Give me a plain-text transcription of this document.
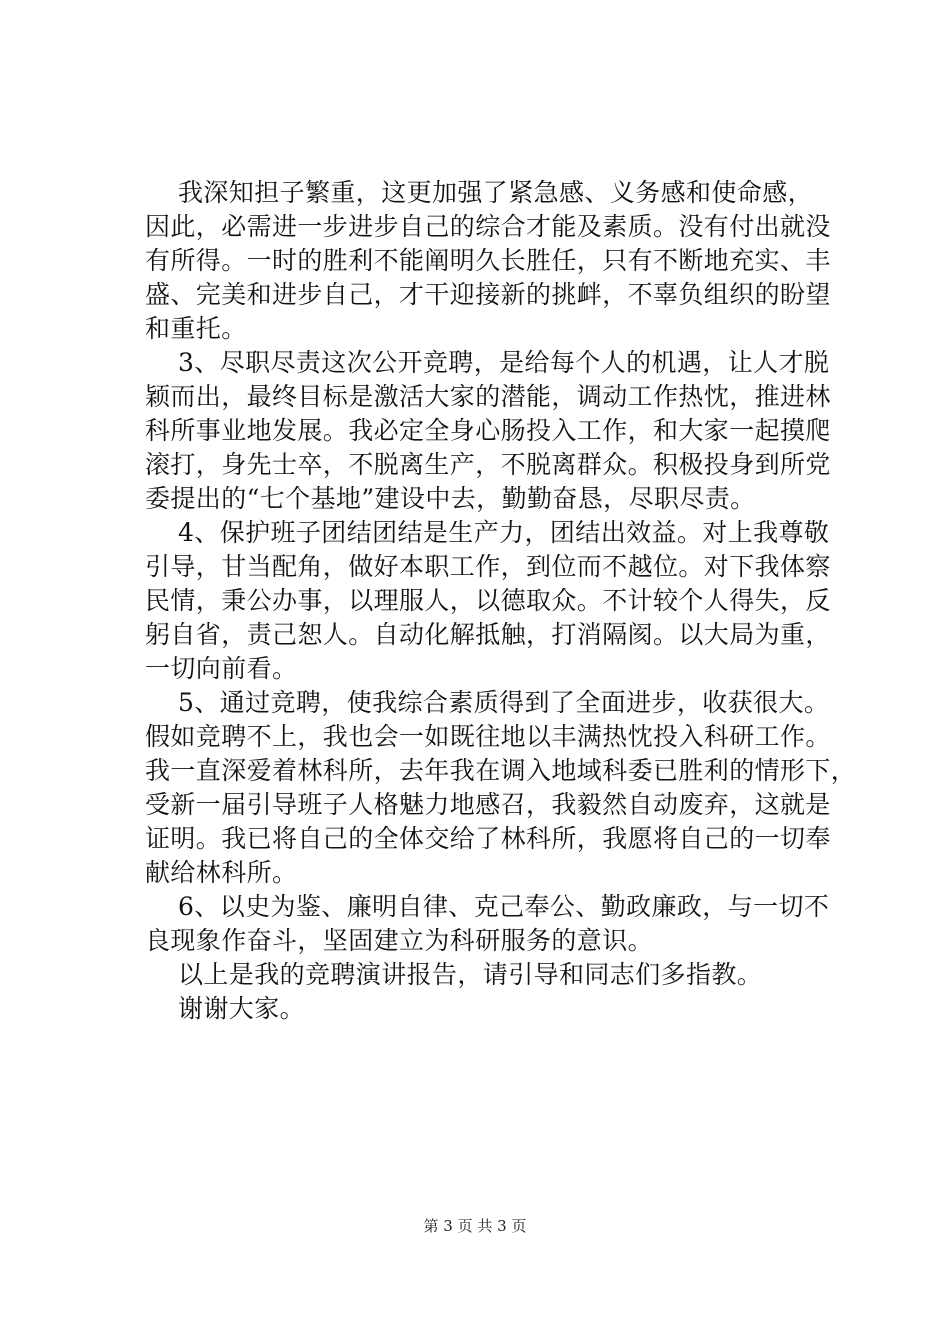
我深知担子繁重，这更加强了紧急感、义务感和使命感，
因此，必需进一步进步自己的综合才能及素质。没有付出就没
有所得。一时的胜利不能阐明久长胜任，只有不断地充实、丰
盛、完美和进步自己，才干迎接新的挑衅，不辜负组织的盼望
和重托。
3、尽职尽责这次公开竞聘，是给每个人的机遇，让人才脱
颖而出，最终目标是激活大家的潜能，调动工作热忱，推进林
科所事业地发展。我必定全身心肠投入工作，和大家一起摸爬
滚打，身先士卒，不脱离生产，不脱离群众。积极投身到所党
委提出的“七个基地”建设中去，勤勤奋恳，尽职尽责。
4、保护班子团结团结是生产力，团结出效益。对上我尊敬
引导，甘当配角，做好本职工作，到位而不越位。对下我体察
民情，秉公办事，以理服人，以德取众。不计较个人得失，反
躬自省，责己恕人。自动化解抵触，打消隔阂。以大局为重，
一切向前看。
5、通过竞聘，使我综合素质得到了全面进步，收获很大。
假如竞聘不上，我也会一如既往地以丰满热忱投入科研工作。
我一直深爱着林科所，去年我在调入地域科委已胜利的情形下，
受新一届引导班子人格魅力地感召，我毅然自动废弃，这就是
证明。我已将自己的全体交给了林科所，我愿将自己的一切奉
献给林科所。
6、以史为鉴、廉明自律、克己奉公、勤政廉政，与一切不
良现象作奋斗，坚固建立为科研服务的意识。
以上是我的竞聘演讲报告，请引导和同志们多指教。
谢谢大家。
第 3 页 共 3 页
